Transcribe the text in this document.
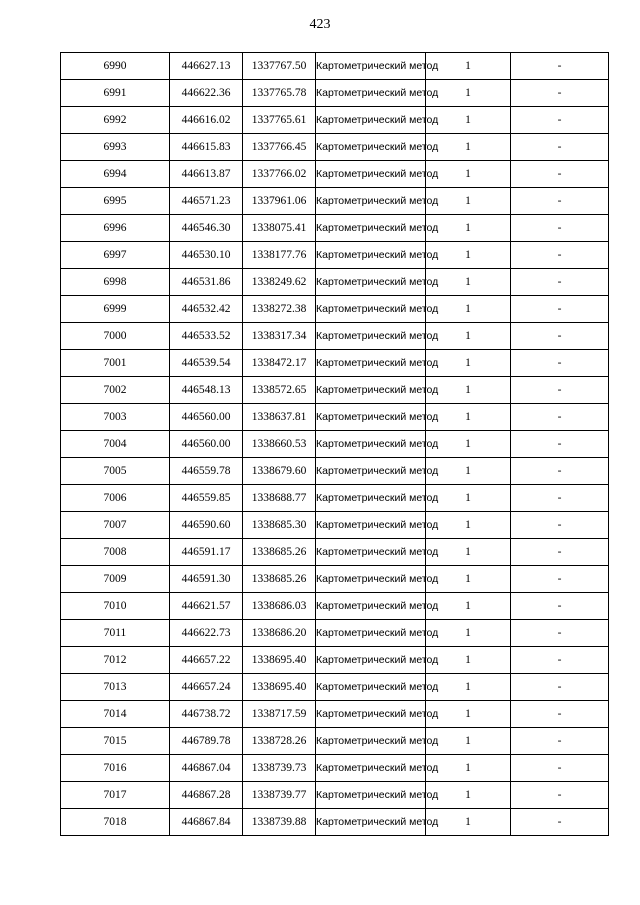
423
6990	446627.13	1337767.50	Картометрический метод	1	-
6991	446622.36	1337765.78	Картометрический метод	1	-
6992	446616.02	1337765.61	Картометрический метод	1	-
6993	446615.83	1337766.45	Картометрический метод	1	-
6994	446613.87	1337766.02	Картометрический метод	1	-
6995	446571.23	1337961.06	Картометрический метод	1	-
6996	446546.30	1338075.41	Картометрический метод	1	-
6997	446530.10	1338177.76	Картометрический метод	1	-
6998	446531.86	1338249.62	Картометрический метод	1	-
6999	446532.42	1338272.38	Картометрический метод	1	-
7000	446533.52	1338317.34	Картометрический метод	1	-
7001	446539.54	1338472.17	Картометрический метод	1	-
7002	446548.13	1338572.65	Картометрический метод	1	-
7003	446560.00	1338637.81	Картометрический метод	1	-
7004	446560.00	1338660.53	Картометрический метод	1	-
7005	446559.78	1338679.60	Картометрический метод	1	-
7006	446559.85	1338688.77	Картометрический метод	1	-
7007	446590.60	1338685.30	Картометрический метод	1	-
7008	446591.17	1338685.26	Картометрический метод	1	-
7009	446591.30	1338685.26	Картометрический метод	1	-
7010	446621.57	1338686.03	Картометрический метод	1	-
7011	446622.73	1338686.20	Картометрический метод	1	-
7012	446657.22	1338695.40	Картометрический метод	1	-
7013	446657.24	1338695.40	Картометрический метод	1	-
7014	446738.72	1338717.59	Картометрический метод	1	-
7015	446789.78	1338728.26	Картометрический метод	1	-
7016	446867.04	1338739.73	Картометрический метод	1	-
7017	446867.28	1338739.77	Картометрический метод	1	-
7018	446867.84	1338739.88	Картометрический метод	1	-
